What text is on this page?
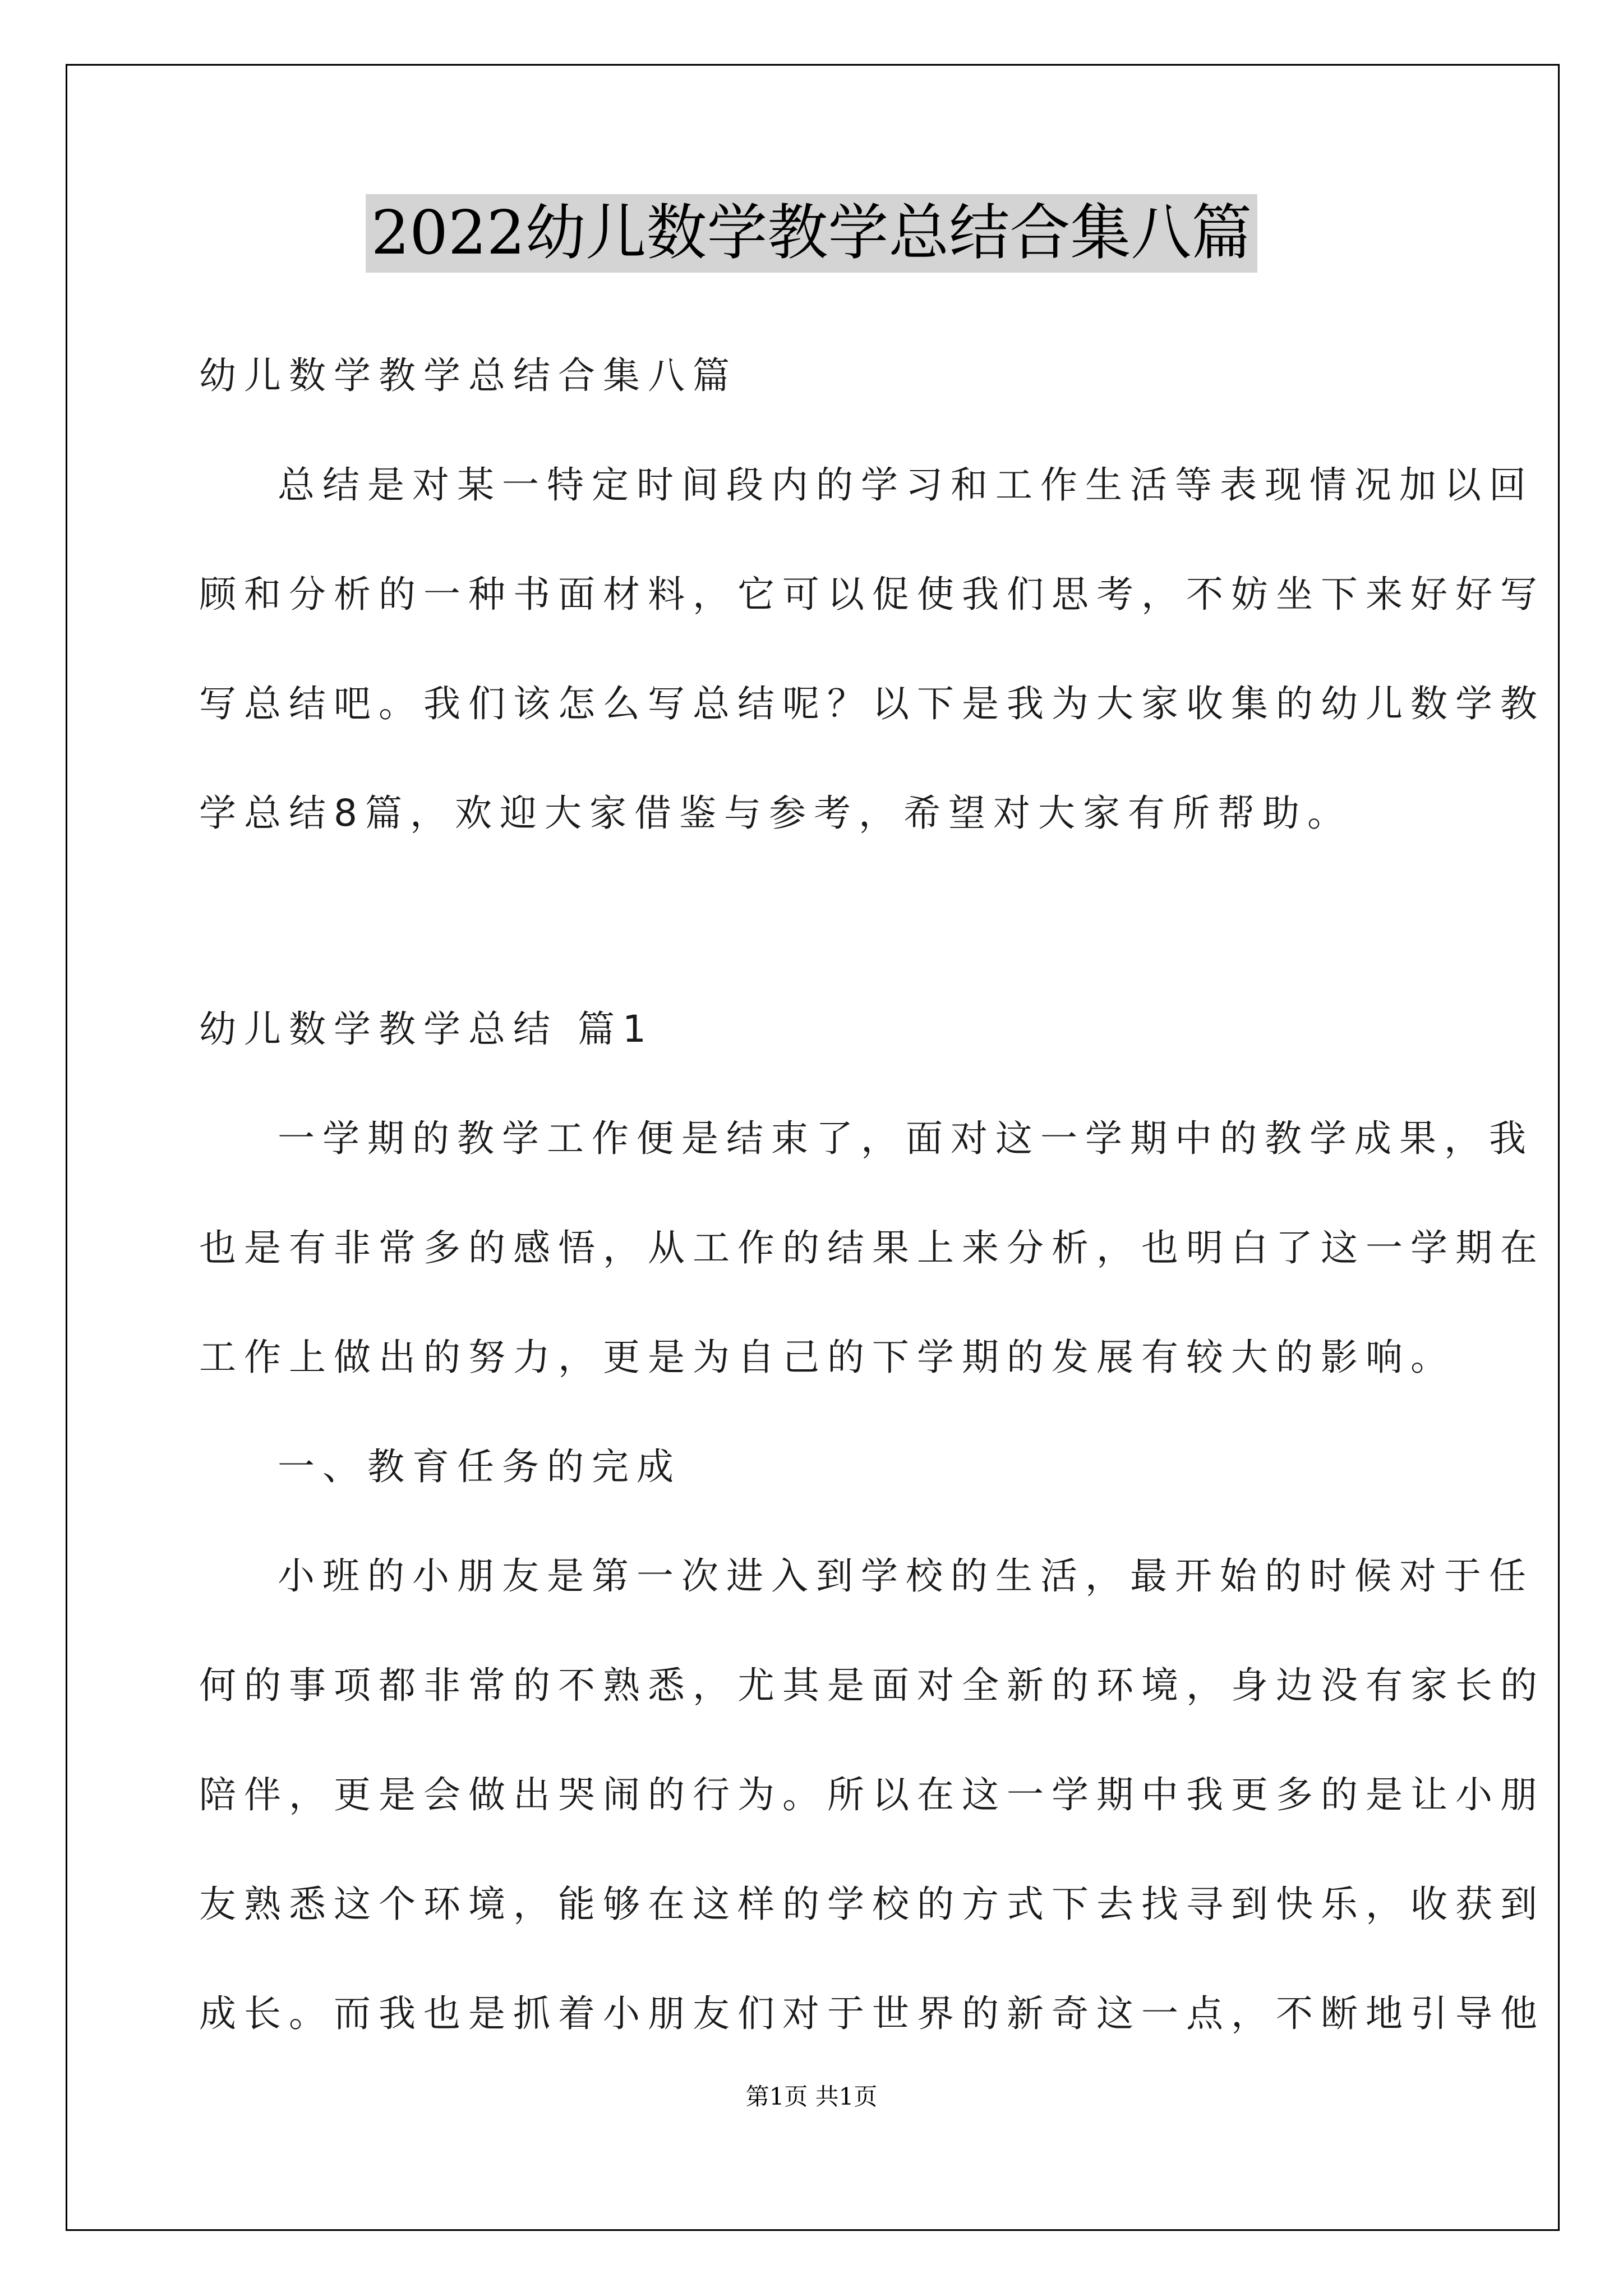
2022幼儿数学教学总结合集八篇
幼儿数学教学总结合集八篇
总结是对某一特定时间段内的学习和工作生活等表现情况加以回
顾和分析的一种书面材料，它可以促使我们思考，不妨坐下来好好写
写总结吧。我们该怎么写总结呢？以下是我为大家收集的幼儿数学教
学总结8篇，欢迎大家借鉴与参考，希望对大家有所帮助。
幼儿数学教学总结 篇1
一学期的教学工作便是结束了，面对这一学期中的教学成果，我
也是有非常多的感悟，从工作的结果上来分析，也明白了这一学期在
工作上做出的努力，更是为自己的下学期的发展有较大的影响。
一、教育任务的完成
小班的小朋友是第一次进入到学校的生活，最开始的时候对于任
何的事项都非常的不熟悉，尤其是面对全新的环境，身边没有家长的
陪伴，更是会做出哭闹的行为。所以在这一学期中我更多的是让小朋
友熟悉这个环境，能够在这样的学校的方式下去找寻到快乐，收获到
成长。而我也是抓着小朋友们对于世界的新奇这一点，不断地引导他
第1页 共1页
